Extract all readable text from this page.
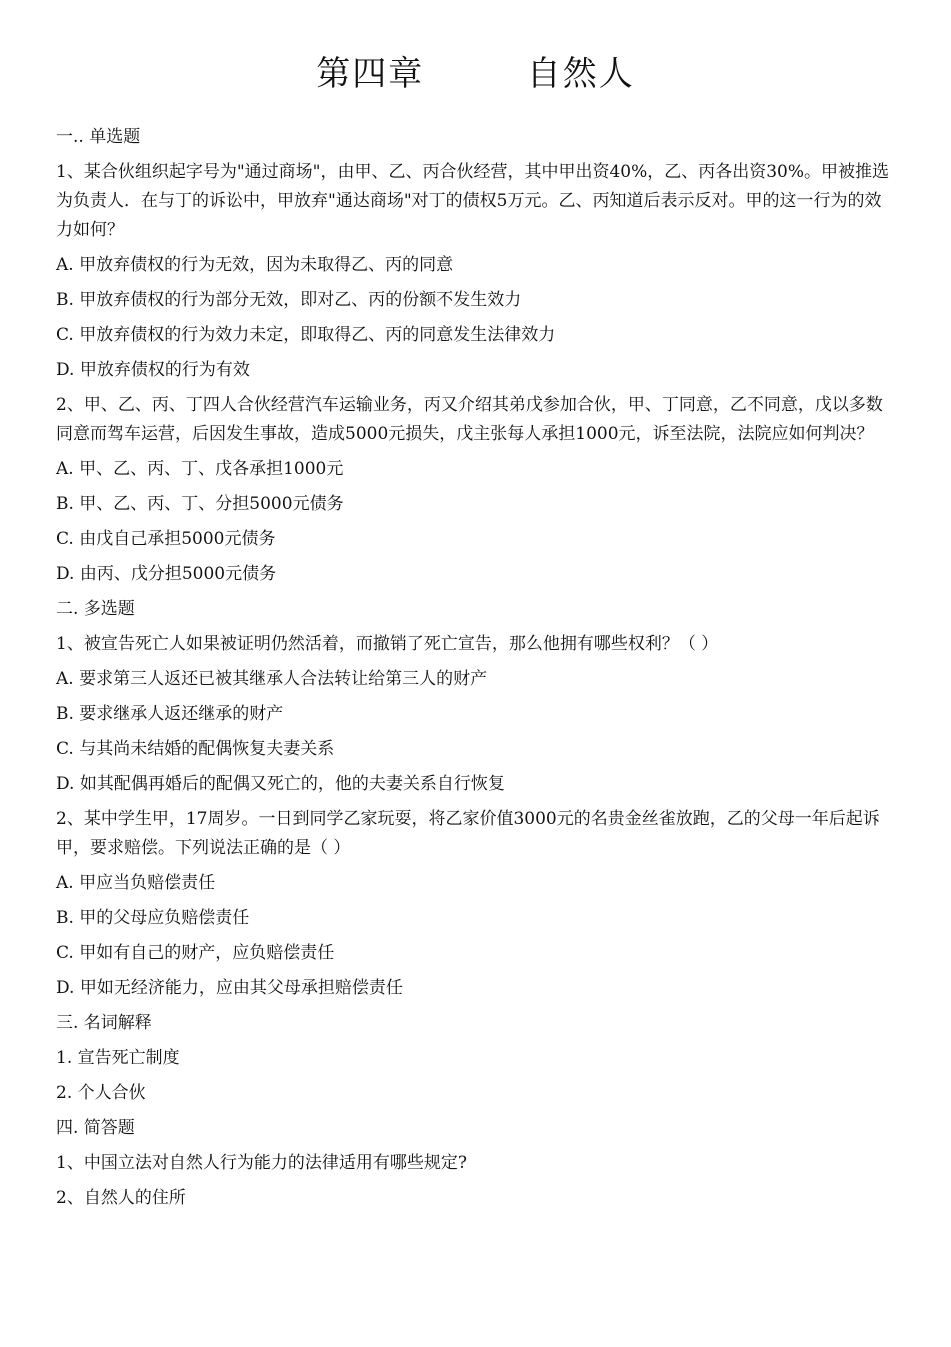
第四章        自然人

一.. 单选题

1、某合伙组织起字号为"通过商场"，由甲、乙、丙合伙经营，其中甲出资40%，乙、丙各出资30%。甲被推选为负责人．在与丁的诉讼中，甲放弃"通达商场"对丁的债权5万元。乙、丙知道后表示反对。甲的这一行为的效力如何？

A. 甲放弃债权的行为无效，因为未取得乙、丙的同意

B. 甲放弃债权的行为部分无效，即对乙、丙的份额不发生效力

C. 甲放弃债权的行为效力未定，即取得乙、丙的同意发生法律效力

D. 甲放弃债权的行为有效

2、甲、乙、丙、丁四人合伙经营汽车运输业务，丙又介绍其弟戊参加合伙，甲、丁同意，乙不同意，戊以多数同意而驾车运营，后因发生事故，造成5000元损失，戊主张每人承担1000元，诉至法院，法院应如何判决？

A. 甲、乙、丙、丁、戊各承担1000元

B. 甲、乙、丙、丁、分担5000元债务

C. 由戊自己承担5000元债务

D. 由丙、戊分担5000元债务

二. 多选题

1、被宣告死亡人如果被证明仍然活着，而撤销了死亡宣告，那么他拥有哪些权利？（ ）

A. 要求第三人返还已被其继承人合法转让给第三人的财产

B. 要求继承人返还继承的财产

C. 与其尚未结婚的配偶恢复夫妻关系

D. 如其配偶再婚后的配偶又死亡的，他的夫妻关系自行恢复

2、某中学生甲，17周岁。一日到同学乙家玩耍，将乙家价值3000元的名贵金丝雀放跑，乙的父母一年后起诉甲，要求赔偿。下列说法正确的是（ ）

A. 甲应当负赔偿责任

B. 甲的父母应负赔偿责任

C. 甲如有自己的财产，应负赔偿责任

D. 甲如无经济能力，应由其父母承担赔偿责任

三. 名词解释

1. 宣告死亡制度

2. 个人合伙

四. 简答题

1、中国立法对自然人行为能力的法律适用有哪些规定?

2、自然人的住所
